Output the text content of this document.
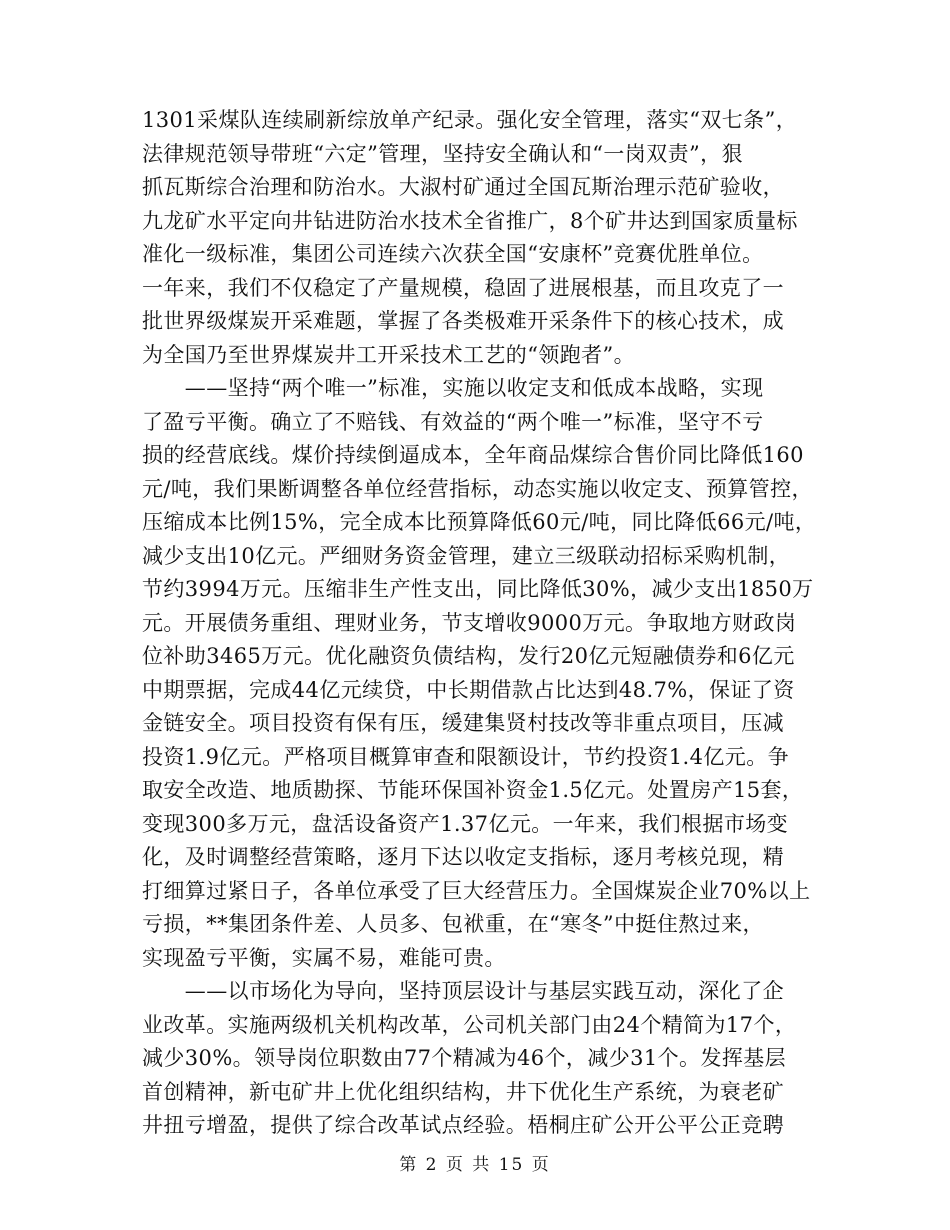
1301采煤队连续刷新综放单产纪录。强化安全管理，落实“双七条”，
法律规范领导带班“六定”管理，坚持安全确认和“一岗双责”，狠
抓瓦斯综合治理和防治水。大淑村矿通过全国瓦斯治理示范矿验收，
九龙矿水平定向井钻进防治水技术全省推广，8个矿井达到国家质量标
准化一级标准，集团公司连续六次获全国“安康杯”竞赛优胜单位。
一年来，我们不仅稳定了产量规模，稳固了进展根基，而且攻克了一
批世界级煤炭开采难题，掌握了各类极难开采条件下的核心技术，成
为全国乃至世界煤炭井工开采技术工艺的“领跑者”。
　　——坚持“两个唯一”标准，实施以收定支和低成本战略，实现
了盈亏平衡。确立了不赔钱、有效益的“两个唯一”标准，坚守不亏
损的经营底线。煤价持续倒逼成本，全年商品煤综合售价同比降低160
元/吨，我们果断调整各单位经营指标，动态实施以收定支、预算管控，
压缩成本比例15%，完全成本比预算降低60元/吨，同比降低66元/吨，
减少支出10亿元。严细财务资金管理，建立三级联动招标采购机制，
节约3994万元。压缩非生产性支出，同比降低30%，减少支出1850万
元。开展债务重组、理财业务，节支增收9000万元。争取地方财政岗
位补助3465万元。优化融资负债结构，发行20亿元短融债券和6亿元
中期票据，完成44亿元续贷，中长期借款占比达到48.7%，保证了资
金链安全。项目投资有保有压，缓建集贤村技改等非重点项目，压减
投资1.9亿元。严格项目概算审查和限额设计，节约投资1.4亿元。争
取安全改造、地质勘探、节能环保国补资金1.5亿元。处置房产15套，
变现300多万元，盘活设备资产1.37亿元。一年来，我们根据市场变
化，及时调整经营策略，逐月下达以收定支指标，逐月考核兑现，精
打细算过紧日子，各单位承受了巨大经营压力。全国煤炭企业70%以上
亏损，**集团条件差、人员多、包袱重，在“寒冬”中挺住熬过来，
实现盈亏平衡，实属不易，难能可贵。
　　——以市场化为导向，坚持顶层设计与基层实践互动，深化了企
业改革。实施两级机关机构改革，公司机关部门由24个精简为17个，
减少30%。领导岗位职数由77个精减为46个，减少31个。发挥基层
首创精神，新屯矿井上优化组织结构，井下优化生产系统，为衰老矿
井扭亏增盈，提供了综合改革试点经验。梧桐庄矿公开公平公正竞聘
第 2 页 共 15 页
